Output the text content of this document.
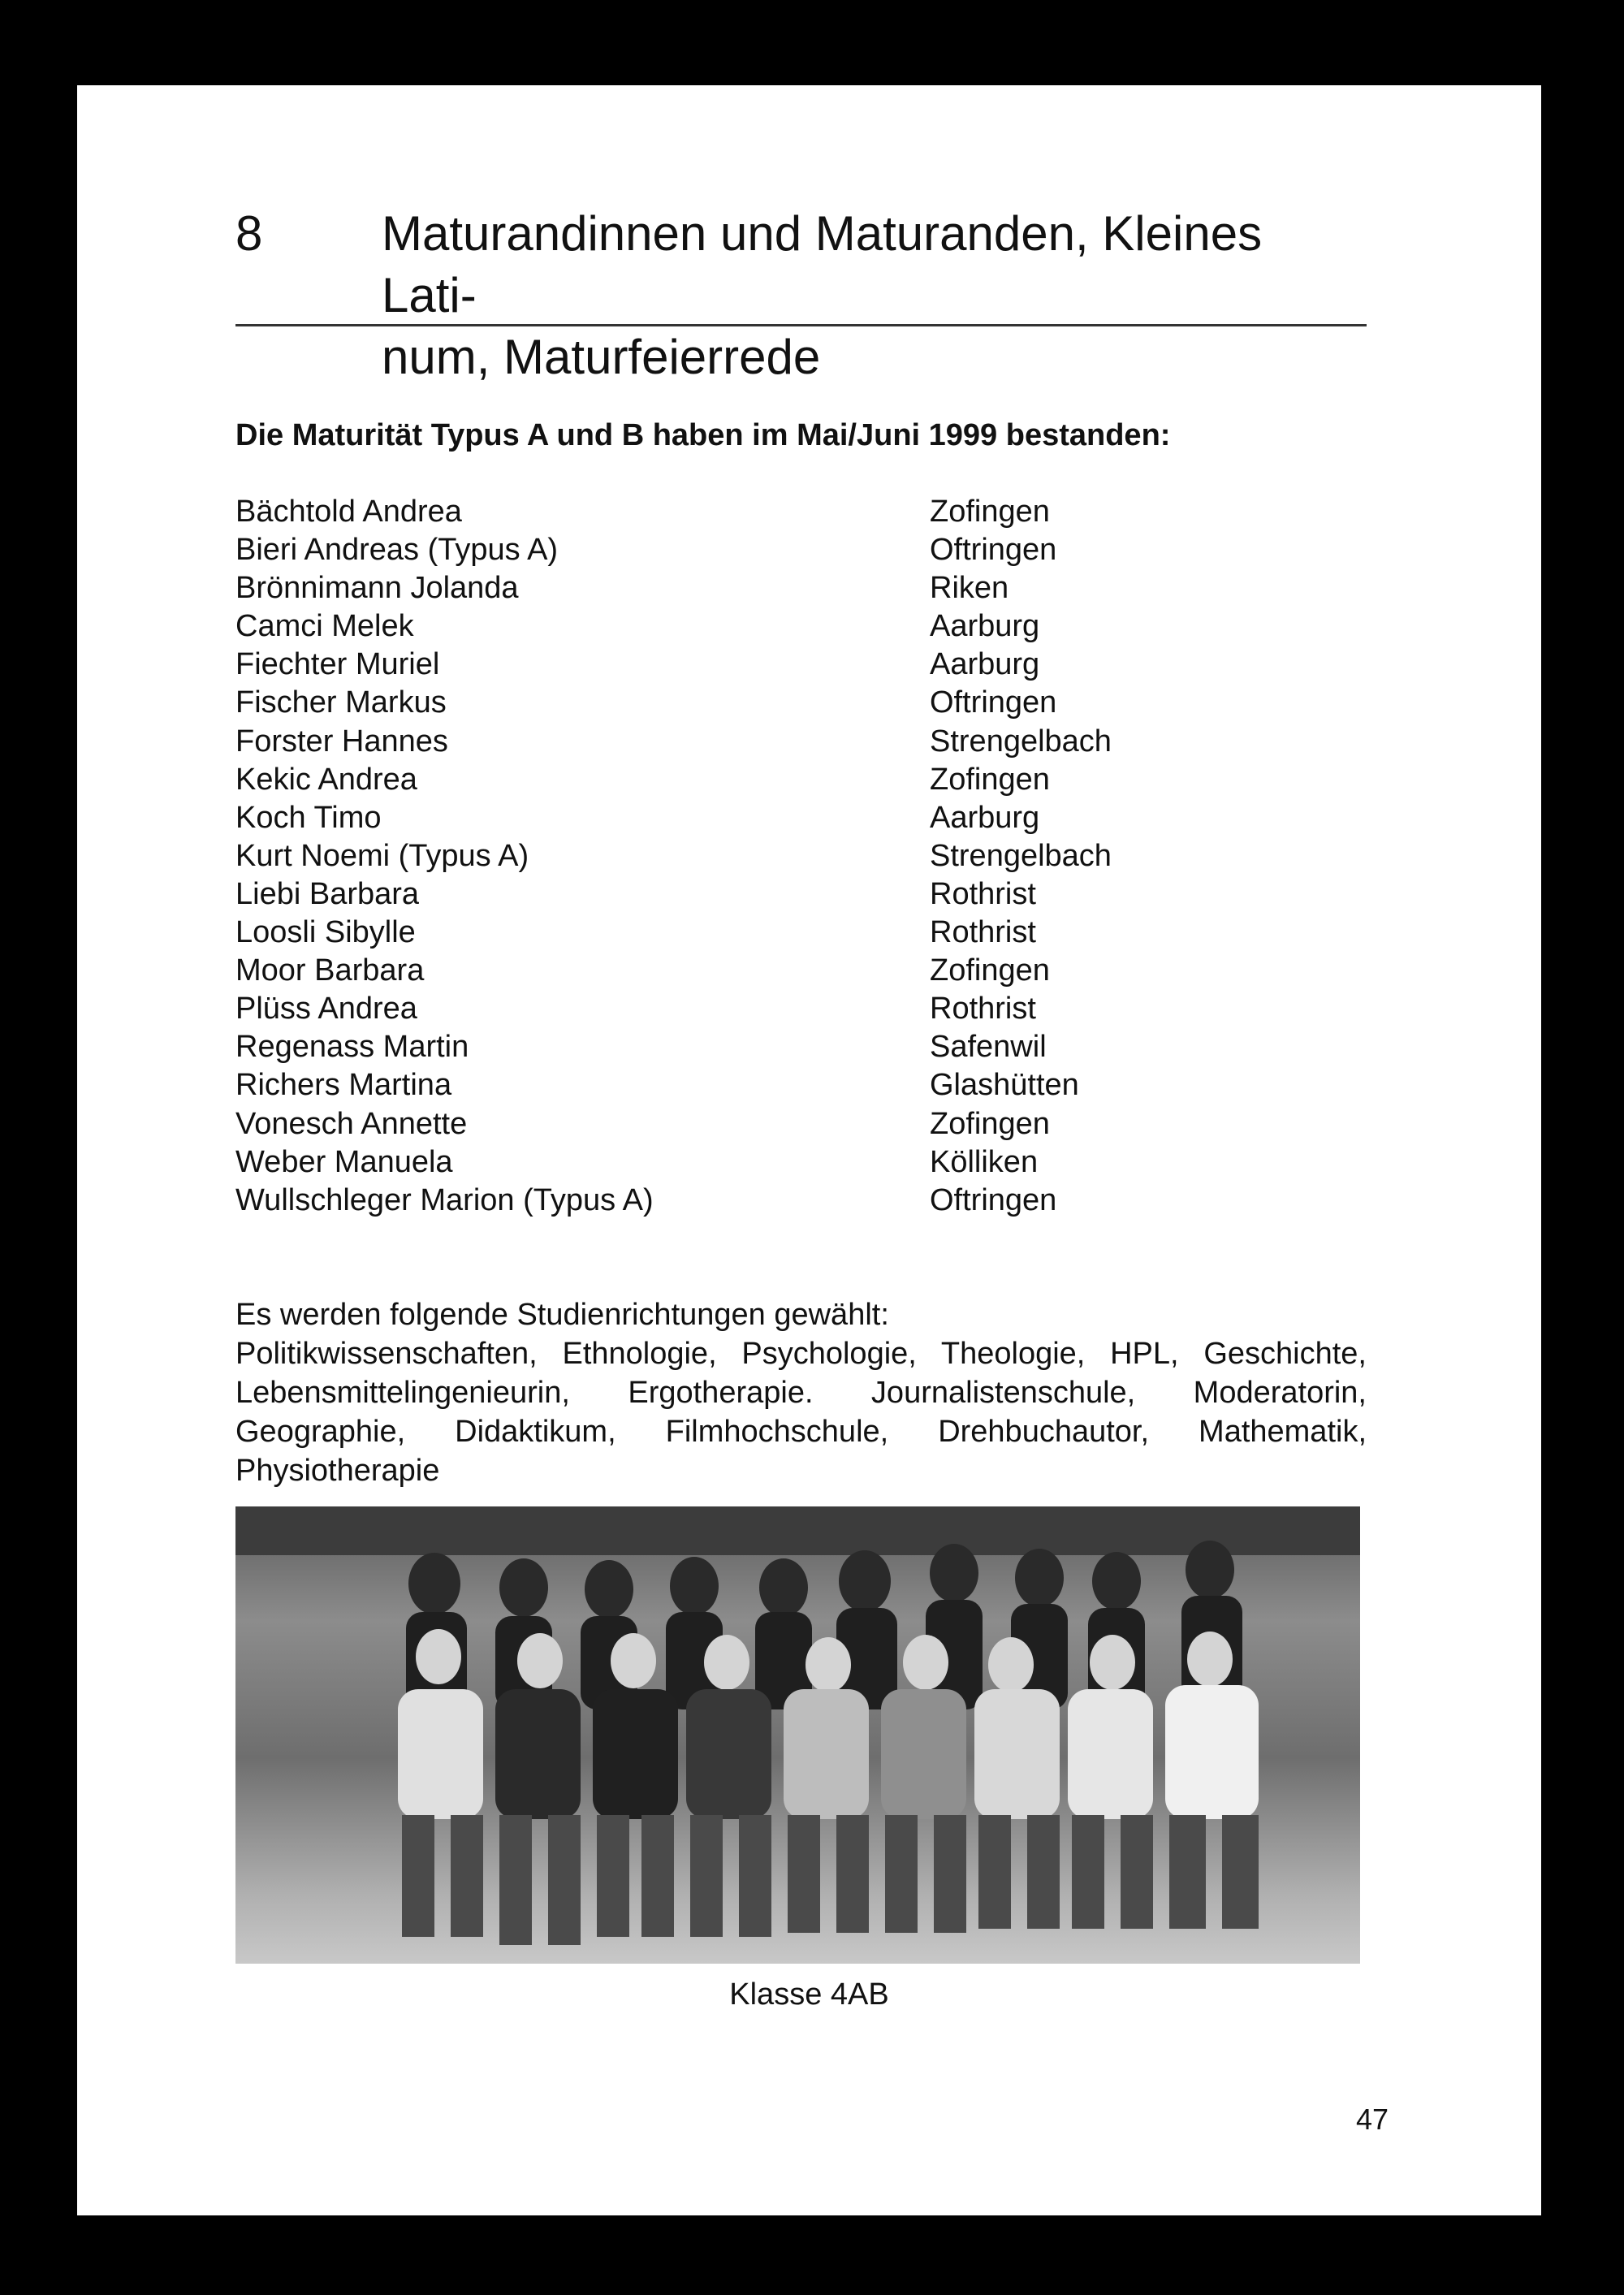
8 Maturandinnen und Maturanden, Kleines Lati-
num, Maturfeierrede
Die Maturität Typus A und B haben im Mai/Juni 1999 bestanden:
Bächtold Andrea	Zofingen
Bieri Andreas (Typus A)	Oftringen
Brönnimann Jolanda	Riken
Camci Melek	Aarburg
Fiechter Muriel	Aarburg
Fischer Markus	Oftringen
Forster Hannes	Strengelbach
Kekic Andrea	Zofingen
Koch Timo	Aarburg
Kurt Noemi (Typus A)	Strengelbach
Liebi Barbara	Rothrist
Loosli Sibylle	Rothrist
Moor Barbara	Zofingen
Plüss Andrea	Rothrist
Regenass Martin	Safenwil
Richers Martina	Glashütten
Vonesch Annette	Zofingen
Weber Manuela	Kölliken
Wullschleger Marion (Typus A)	Oftringen

Es werden folgende Studienrichtungen gewählt:

Politikwissenschaften, Ethnologie, Psychologie, Theologie, HPL, Geschichte, Lebensmittelingenieurin, Ergotherapie. Journalistenschule, Moderatorin, Geographie, Didaktikum, Filmhochschule, Drehbuchautor, Mathematik, Physiotherapie

Klasse 4AB
47
